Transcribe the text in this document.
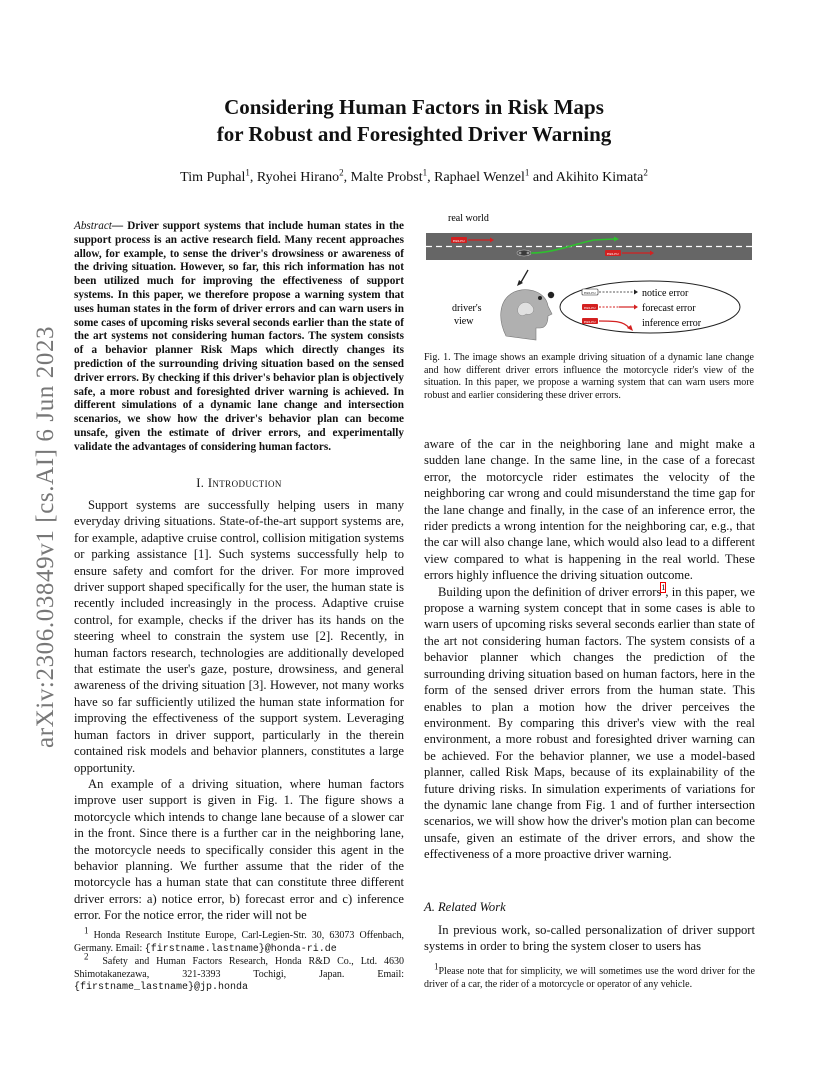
Considering Human Factors in Risk Maps
for Robust and Foresighted Driver Warning
Tim Puphal$^1$, Ryohei Hirano$^2$, Malte Probst$^1$, Raphael Wenzel$^1$ and Akihito Kimata$^2$
arXiv:2306.03849v1 [cs.AI] 6 Jun 2023
Abstract— Driver support systems that include human states in the support process is an active research field. Many recent approaches allow, for example, to sense the driver's drowsiness or awareness of the driving situation. However, so far, this rich information has not been utilized much for improving the effectiveness of support systems. In this paper, we therefore propose a warning system that uses human states in the form of driver errors and can warn users in some cases of upcoming risks several seconds earlier than the state of the art systems not considering human factors. The system consists of a behavior planner Risk Maps which directly changes its prediction of the surrounding driving situation based on the sensed driver errors. By checking if this driver's behavior plan is objectively safe, a more robust and foresighted driver warning is achieved. In different simulations of a dynamic lane change and intersection scenarios, we show how the driver's behavior plan can become unsafe, given the estimate of driver errors, and experimentally validate the advantages of considering human factors.
I. Introduction

Support systems are successfully helping users in many everyday driving situations. State-of-the-art support systems are, for example, adaptive cruise control, collision mitigation systems or parking assistance [1]. Such systems successfully help to ensure safety and comfort for the driver. For more improved driver support shaped specifically for the user, the human state is recently included increasingly in the process. Adaptive cruise control, for example, checks if the driver has its hands on the steering wheel to constrain the system use [2]. Recently, in human factors research, technologies are additionally developed that estimate the user's gaze, posture, drowsiness, and general awareness of the driving situation [3]. However, not many works have so far sufficiently utilized the human state information for improving the effectiveness of the support system. Leveraging human factors in driver support, particularly in the therein contained risk models and behavior planners, constitutes a large opportunity.

An example of a driving situation, where human factors improve user support is given in Fig. 1. The figure shows a motorcycle which intends to change lane because of a slower car in the front. Since there is a further car in the neighboring lane, the motorcycle needs to specifically consider this agent in the behavior planning. We further assume that the rider of the motorcycle has a human state that can constitute three different driver errors: a) notice error, b) forecast error and c) inference error. For the notice error, the rider will not be

$^1$ Honda Research Institute Europe, Carl-Legien-Str. 30, 63073 Offenbach, Germany. Email: {firstname.lastname}@honda-ri.de
$^2$ Safety and Human Factors Research, Honda R&D Co., Ltd. 4630 Shimotakanezawa, 321-3393 Tochigi, Japan. Email: {firstname_lastname}@jp.honda
real world
HRI-EU
HRI-EU
driver's
view
HRI-EU	notice error
HRI-EU	forecast error
HRI-EU	inference error
Fig. 1. The image shows an example driving situation of a dynamic lane change and how different driver errors influence the motorcycle rider's view of the situation. In this paper, we propose a warning system that can warn users more robust and earlier considering these driver errors.

aware of the car in the neighboring lane and might make a sudden lane change. In the same line, in the case of a forecast error, the motorcycle rider estimates the velocity of the neighboring car wrong and could misunderstand the time gap for the lane change and finally, in the case of an inference error, the rider predicts a wrong intention for the neighboring car, e.g., that the car will also change lane, which would also lead to a different view compared to what is happening in the real world. These errors highly influence the driving situation outcome.

Building upon the definition of driver errors$^1$, in this paper, we propose a warning system concept that in some cases is able to warn users of upcoming risks several seconds earlier than state of the art not considering human factors. The system consists of a behavior planner which changes the prediction of the surrounding driving situation based on human factors, here in the form of the sensed driver errors from the human state. This enables to plan a motion how the driver perceives the environment. By comparing this driver's view with the real environment, a more robust and foresighted driver warning can be achieved. For the behavior planner, we use a model-based planner, called Risk Maps, because of its explainability of the future driving risks. In simulation experiments of variations for the dynamic lane change from Fig. 1 and of further intersection scenarios, we will show how the driver's motion plan can become unsafe, given an estimate of the driver errors, and show the effectiveness of a more proactive driver warning.

A. Related Work

In previous work, so-called personalization of driver support systems in order to bring the system closer to users has

$^1$Please note that for simplicity, we will sometimes use the word driver for the driver of a car, the rider of a motorcycle or operator of any vehicle.
